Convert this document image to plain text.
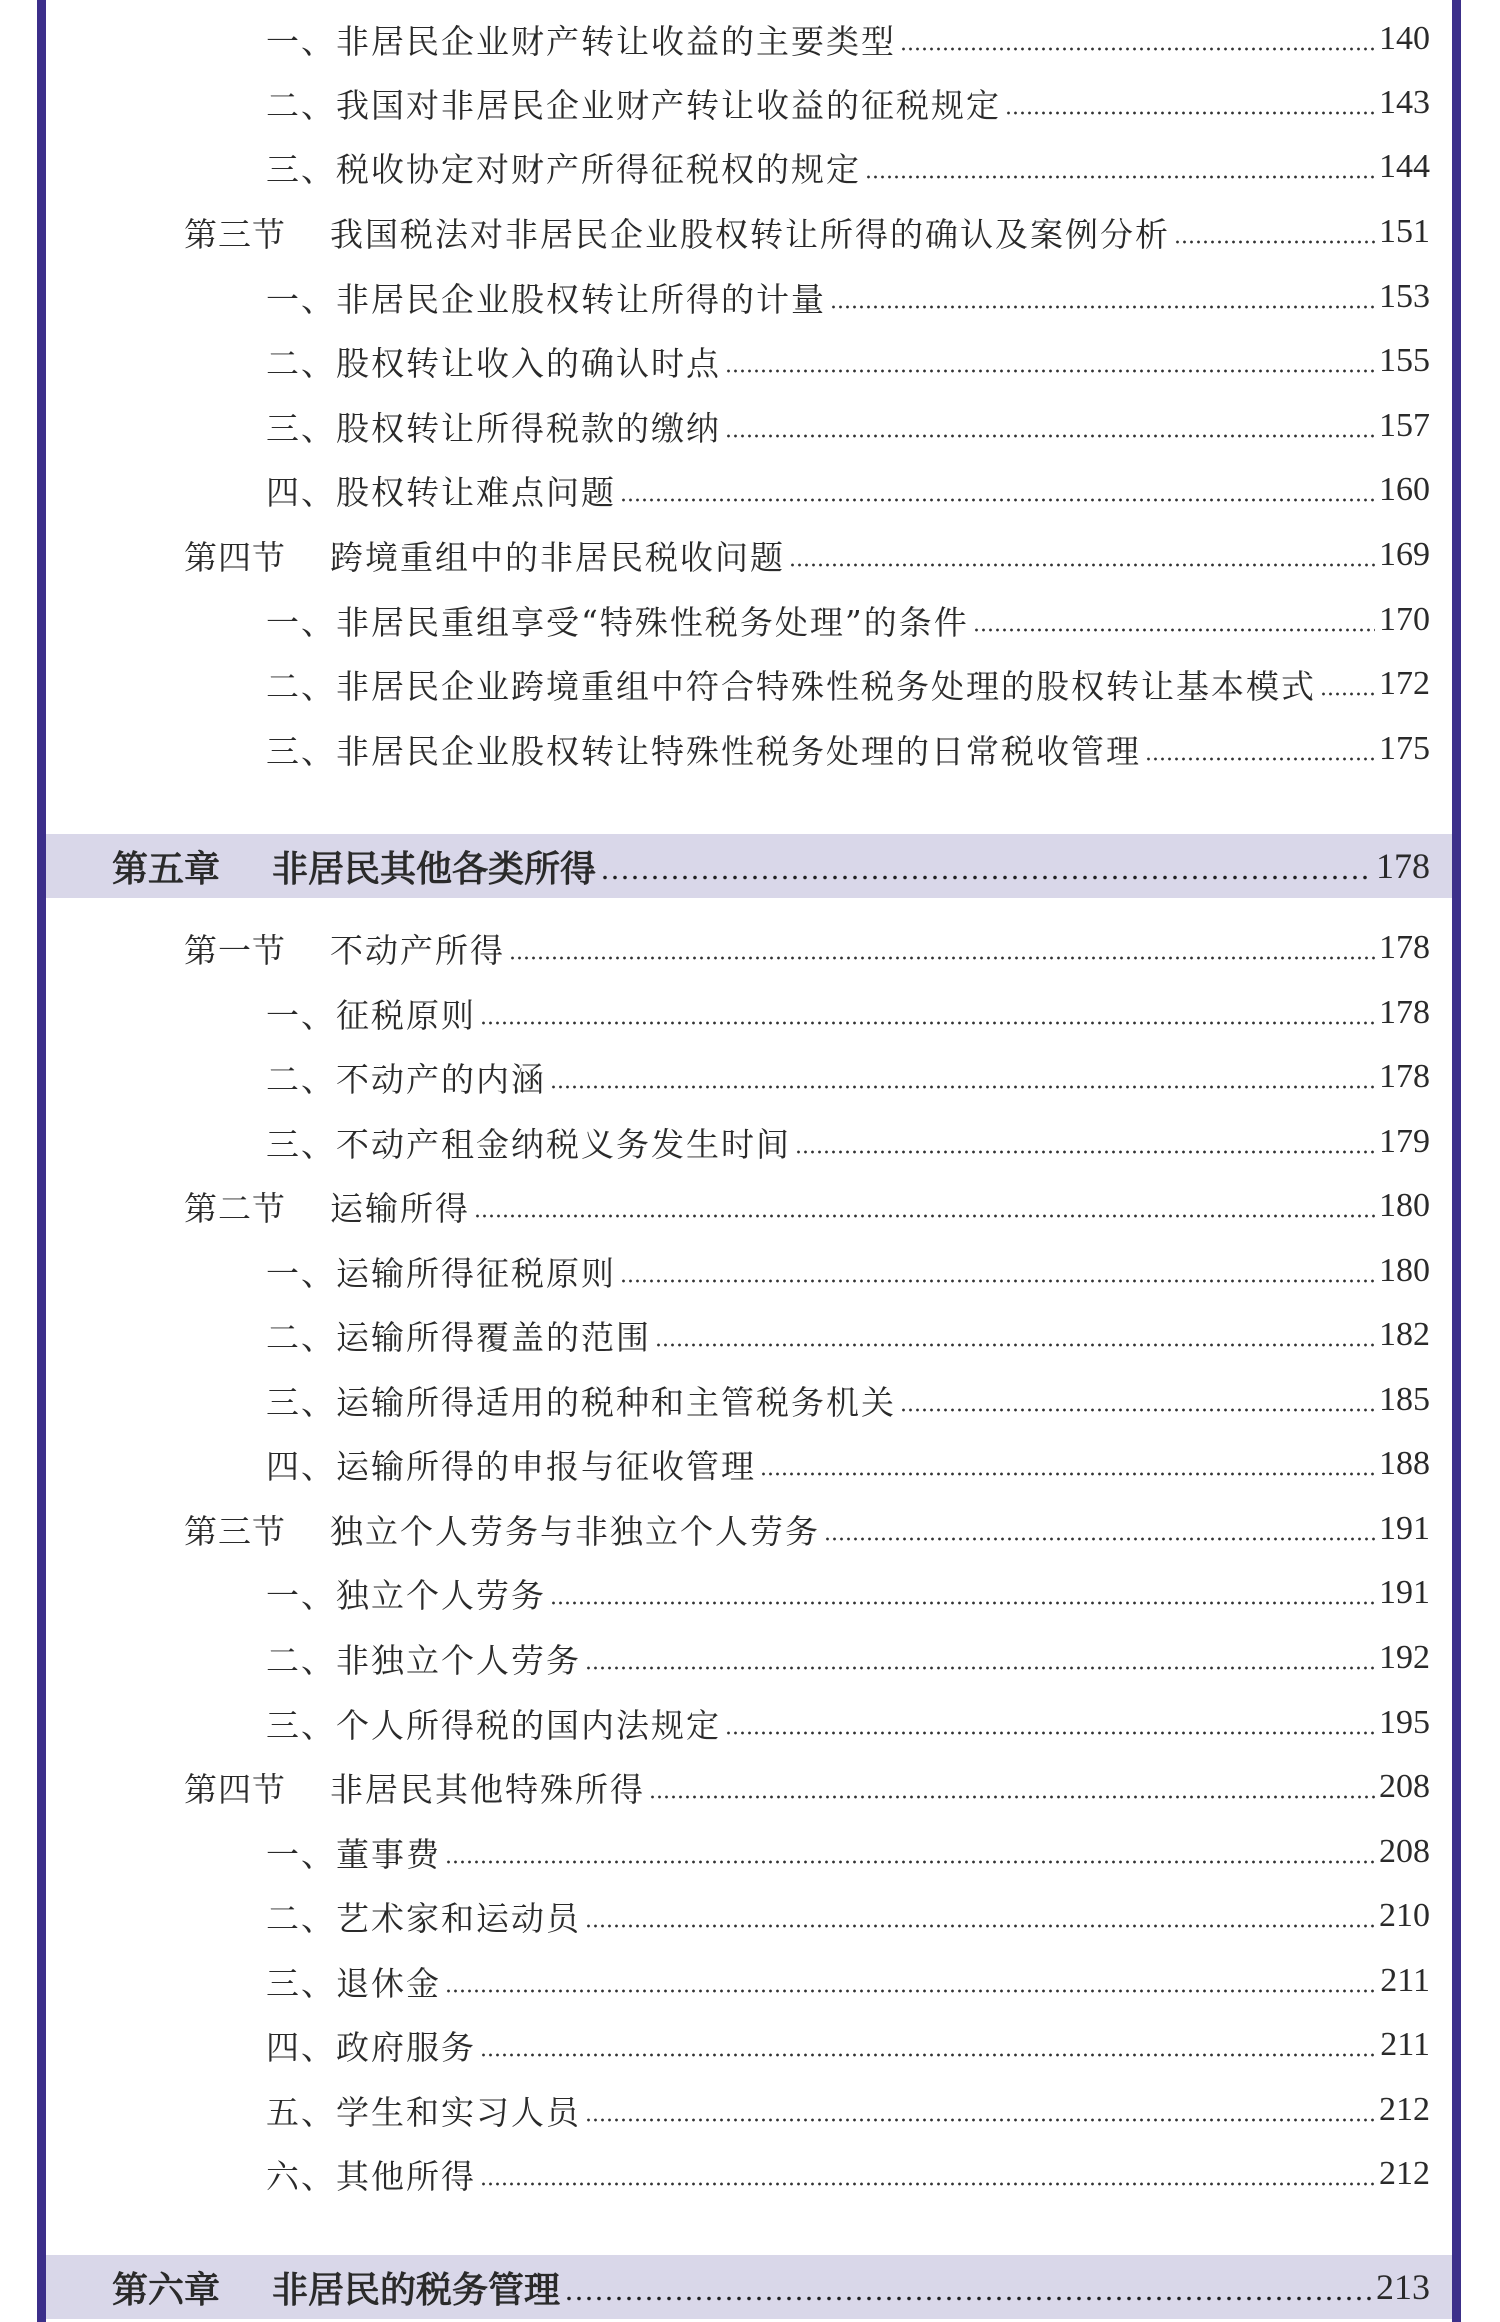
一、非居民企业财产转让收益的主要类型	140
二、我国对非居民企业财产转让收益的征税规定	143
三、税收协定对财产所得征税权的规定	144
第三节 我国税法对非居民企业股权转让所得的确认及案例分析	151
一、非居民企业股权转让所得的计量	153
二、股权转让收入的确认时点	155
三、股权转让所得税款的缴纳	157
四、股权转让难点问题	160
第四节 跨境重组中的非居民税收问题	169
一、非居民重组享受“特殊性税务处理”的条件	170
二、非居民企业跨境重组中符合特殊性税务处理的股权转让基本模式 172
三、非居民企业股权转让特殊性税务处理的日常税收管理	175
第五章 非居民其他各类所得	178
第一节 不动产所得	178
一、征税原则	178
二、不动产的内涵	178
三、不动产租金纳税义务发生时间	179
第二节 运输所得	180
一、运输所得征税原则	180
二、运输所得覆盖的范围	182
三、运输所得适用的税种和主管税务机关	185
四、运输所得的申报与征收管理	188
第三节 独立个人劳务与非独立个人劳务	191
一、独立个人劳务	191
二、非独立个人劳务	192
三、个人所得税的国内法规定	195
第四节 非居民其他特殊所得	208
一、董事费	208
二、艺术家和运动员	210
三、退休金	211
四、政府服务	211
五、学生和实习人员	212
六、其他所得	212
第六章 非居民的税务管理	213
